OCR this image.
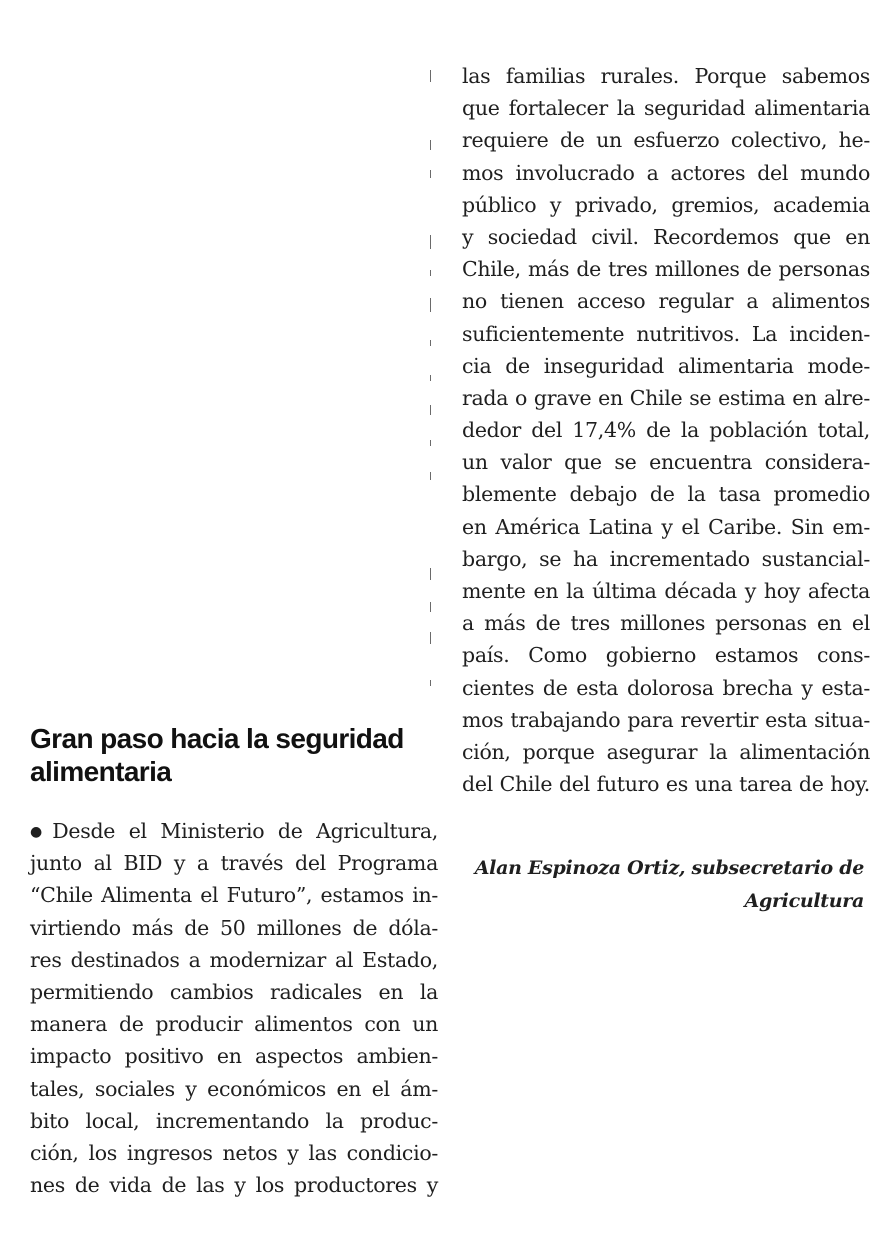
las familias rurales. Porque sabemos
que fortalecer la seguridad alimentaria
requiere de un esfuerzo colectivo, he-
mos involucrado a actores del mundo
público y privado, gremios, academia
y sociedad civil. Recordemos que en
Chile, más de tres millones de personas
no tienen acceso regular a alimentos
suficientemente nutritivos. La inciden-
cia de inseguridad alimentaria mode-
rada o grave en Chile se estima en alre-
dedor del 17,4% de la población total,
un valor que se encuentra considera-
blemente debajo de la tasa promedio
en América Latina y el Caribe. Sin em-
bargo, se ha incrementado sustancial-
mente en la última década y hoy afecta
a más de tres millones personas en el
país. Como gobierno estamos cons-
cientes de esta dolorosa brecha y esta-
mos trabajando para revertir esta situa-
ción, porque asegurar la alimentación
del Chile del futuro es una tarea de hoy.
Alan Espinoza Ortiz, subsecretario de
Agricultura
Gran paso hacia la seguridad
alimentaria
● Desde el Ministerio de Agricultura,
junto al BID y a través del Programa
“Chile Alimenta el Futuro”, estamos in-
virtiendo más de 50 millones de dóla-
res destinados a modernizar al Estado,
permitiendo cambios radicales en la
manera de producir alimentos con un
impacto positivo en aspectos ambien-
tales, sociales y económicos en el ám-
bito local, incrementando la produc-
ción, los ingresos netos y las condicio-
nes de vida de las y los productores y
